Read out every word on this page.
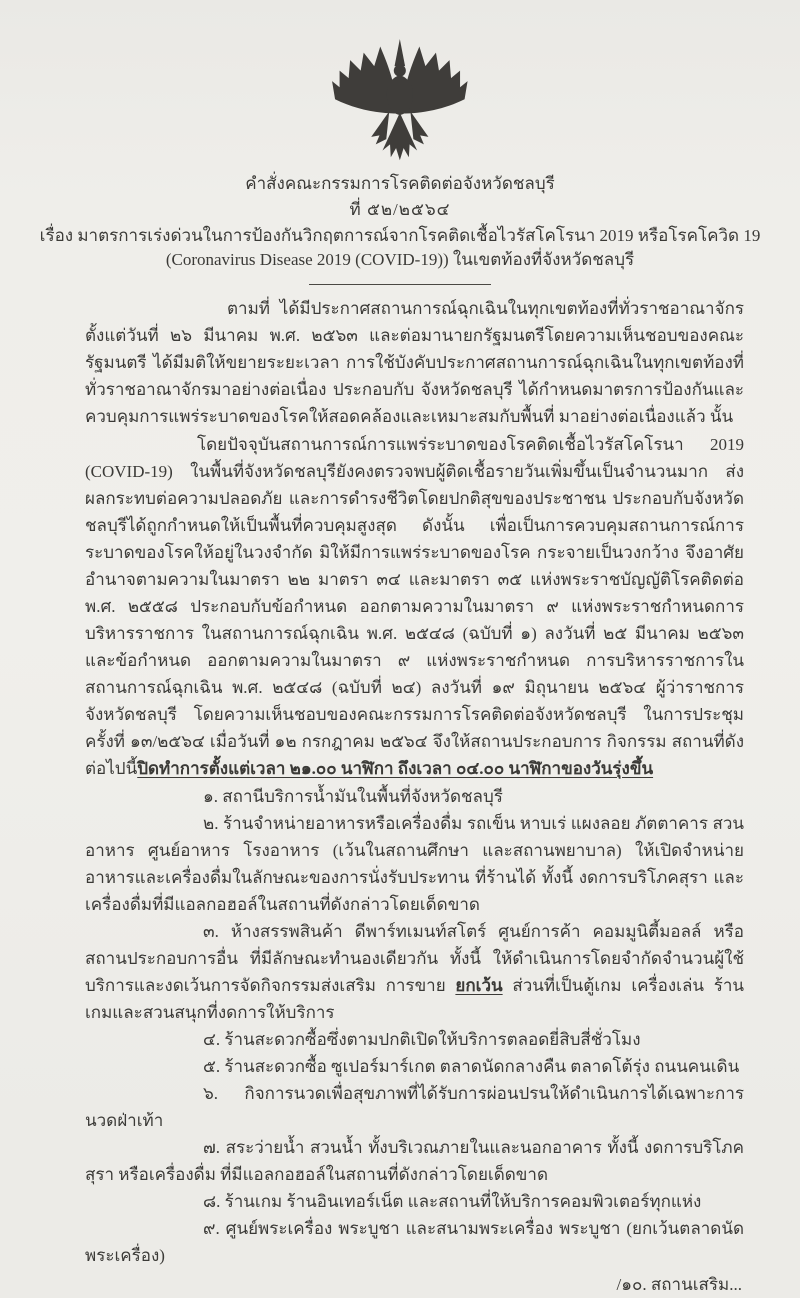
คำสั่งคณะกรรมการโรคติดต่อจังหวัดชลบุรี
ที่ ๕๒/๒๕๖๔
เรื่อง มาตรการเร่งด่วนในการป้องกันวิกฤตการณ์จากโรคติดเชื้อไวรัสโคโรนา 2019 หรือโรคโควิด 19
(Coronavirus Disease 2019 (COVID-19)) ในเขตท้องที่จังหวัดชลบุรี

ตามที่ ได้มีประกาศสถานการณ์ฉุกเฉินในทุกเขตท้องที่ทั่วราชอาณาจักรตั้งแต่วันที่ ๒๖ มีนาคม พ.ศ. ๒๕๖๓ และต่อมานายกรัฐมนตรีโดยความเห็นชอบของคณะรัฐมนตรี ได้มีมติให้ขยายระยะเวลา การใช้บังคับประกาศสถานการณ์ฉุกเฉินในทุกเขตท้องที่ทั่วราชอาณาจักรมาอย่างต่อเนื่อง ประกอบกับ จังหวัดชลบุรี ได้กำหนดมาตรการป้องกันและควบคุมการแพร่ระบาดของโรคให้สอดคล้องและเหมาะสมกับพื้นที่ มาอย่างต่อเนื่องแล้ว นั้น

โดยปัจจุบันสถานการณ์การแพร่ระบาดของโรคติดเชื้อไวรัสโคโรนา 2019 (COVID-19) ในพื้นที่จังหวัดชลบุรียังคงตรวจพบผู้ติดเชื้อรายวันเพิ่มขึ้นเป็นจำนวนมาก ส่งผลกระทบต่อความปลอดภัย และการดำรงชีวิตโดยปกติสุขของประชาชน ประกอบกับจังหวัดชลบุรีได้ถูกกำหนดให้เป็นพื้นที่ควบคุมสูงสุด ดังนั้น เพื่อเป็นการควบคุมสถานการณ์การระบาดของโรคให้อยู่ในวงจำกัด มิให้มีการแพร่ระบาดของโรค กระจายเป็นวงกว้าง จึงอาศัยอำนาจตามความในมาตรา ๒๒ มาตรา ๓๔ และมาตรา ๓๕ แห่งพระราชบัญญัติโรคติดต่อ พ.ศ. ๒๕๕๘ ประกอบกับข้อกำหนด ออกตามความในมาตรา ๙ แห่งพระราชกำหนดการบริหารราชการ ในสถานการณ์ฉุกเฉิน พ.ศ. ๒๕๔๘ (ฉบับที่ ๑) ลงวันที่ ๒๕ มีนาคม ๒๕๖๓ และข้อกำหนด ออกตามความในมาตรา ๙ แห่งพระราชกำหนด การบริหารราชการในสถานการณ์ฉุกเฉิน พ.ศ. ๒๕๔๘ (ฉบับที่ ๒๔) ลงวันที่ ๑๙ มิถุนายน ๒๕๖๔ ผู้ว่าราชการจังหวัดชลบุรี โดยความเห็นชอบของคณะกรรมการโรคติดต่อจังหวัดชลบุรี ในการประชุมครั้งที่ ๑๓/๒๕๖๔ เมื่อวันที่ ๑๒ กรกฎาคม ๒๕๖๔ จึงให้สถานประกอบการ กิจกรรม สถานที่ดังต่อไปนี้ปิดทำการตั้งแต่เวลา ๒๑.๐๐ นาฬิกา ถึงเวลา ๐๔.๐๐ นาฬิกาของวันรุ่งขึ้น

๑. สถานีบริการน้ำมันในพื้นที่จังหวัดชลบุรี

๒. ร้านจำหน่ายอาหารหรือเครื่องดื่ม รถเข็น หาบเร่ แผงลอย ภัตตาคาร สวนอาหาร ศูนย์อาหาร โรงอาหาร (เว้นในสถานศึกษา และสถานพยาบาล) ให้เปิดจำหน่ายอาหารและเครื่องดื่มในลักษณะของการนั่งรับประทาน ที่ร้านได้ ทั้งนี้ งดการบริโภคสุรา และเครื่องดื่มที่มีแอลกอฮอล์ในสถานที่ดังกล่าวโดยเด็ดขาด

๓. ห้างสรรพสินค้า ดีพาร์ทเมนท์สโตร์ ศูนย์การค้า คอมมูนิตี้มอลล์ หรือสถานประกอบการอื่น ที่มีลักษณะทำนองเดียวกัน ทั้งนี้ ให้ดำเนินการโดยจำกัดจำนวนผู้ใช้บริการและงดเว้นการจัดกิจกรรมส่งเสริม การขาย ยกเว้น ส่วนที่เป็นตู้เกม เครื่องเล่น ร้านเกมและสวนสนุกที่งดการให้บริการ

๔. ร้านสะดวกซื้อซึ่งตามปกติเปิดให้บริการตลอดยี่สิบสี่ชั่วโมง

๕. ร้านสะดวกซื้อ ซูเปอร์มาร์เกต ตลาดนัดกลางคืน ตลาดโต้รุ่ง ถนนคนเดิน

๖. กิจการนวดเพื่อสุขภาพที่ได้รับการผ่อนปรนให้ดำเนินการได้เฉพาะการนวดฝ่าเท้า

๗. สระว่ายน้ำ สวนน้ำ ทั้งบริเวณภายในและนอกอาคาร ทั้งนี้ งดการบริโภคสุรา หรือเครื่องดื่ม ที่มีแอลกอฮอล์ในสถานที่ดังกล่าวโดยเด็ดขาด

๘. ร้านเกม ร้านอินเทอร์เน็ต และสถานที่ให้บริการคอมพิวเตอร์ทุกแห่ง

๙. ศูนย์พระเครื่อง พระบูชา และสนามพระเครื่อง พระบูชา (ยกเว้นตลาดนัดพระเครื่อง)

/๑๐. สถานเสริม...
